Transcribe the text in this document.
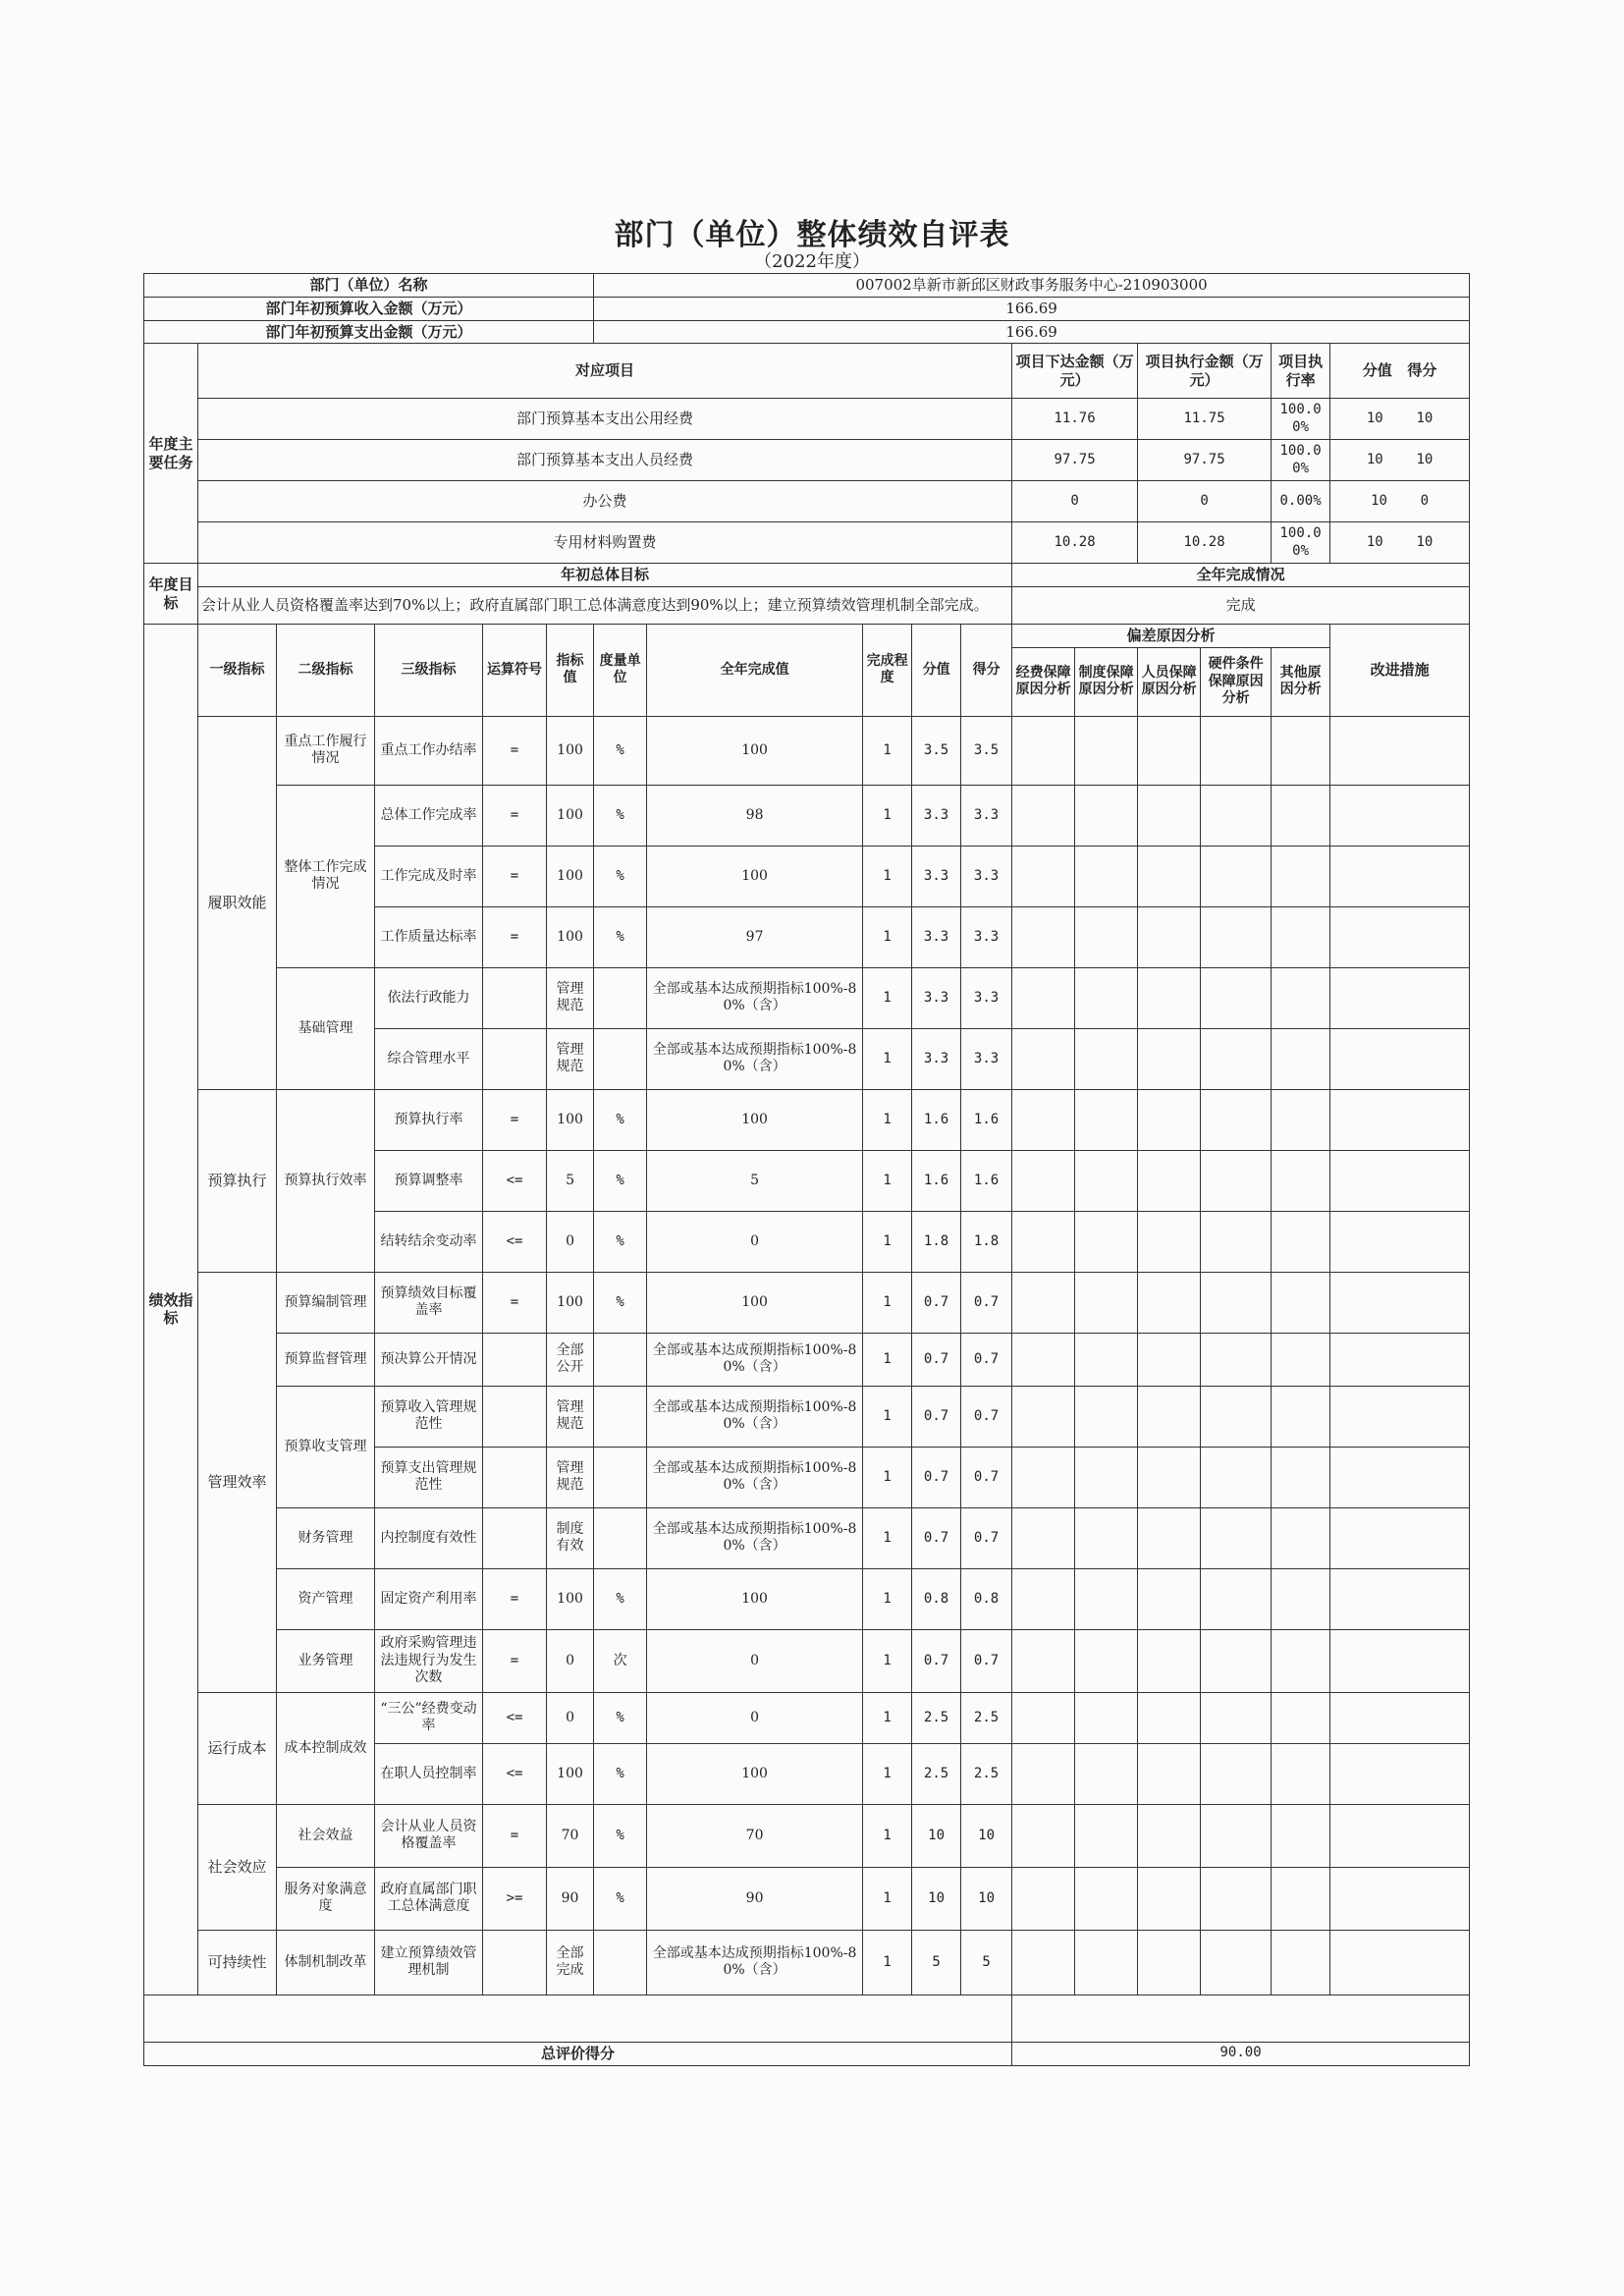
部门（单位）整体绩效自评表
（2022年度）
部门（单位）名称						007002阜新市新邱区财政事务服务中心-210903000										
部门年初预算收入金额（万元）						166.69										
部门年初预算支出金额（万元）						166.69										
年度主要任务	对应项目										项目下达金额（万元）		项目执行金额（万元）		项目执行率	分值 得分
	部门预算基本支出公用经费										11.76		11.75		100.00%	10 10
	部门预算基本支出人员经费										97.75		97.75		100.00%	10 10
	办公费										0		0		0.00%	10 0
	专用材料购置费										10.28		10.28		100.00%	10 10
年度目标	年初总体目标										全年完成情况					
	会计从业人员资格覆盖率达到70%以上；政府直属部门职工总体满意度达到90%以上；建立预算绩效管理机制全部完成。										完成					
绩效指标	一级指标	二级指标	三级指标	运算符号	指标值	度量单位	全年完成值	完成程度	分值	得分	偏差原因分析					改进措施
											经费保障原因分析	制度保障原因分析	人员保障原因分析	硬件条件保障原因分析	其他原因分析	
	履职效能	重点工作履行情况	重点工作办结率	=	100	%	100	1	3.5	3.5						
		整体工作完成情况	总体工作完成率	=	100	%	98	1	3.3	3.3						
			工作完成及时率	=	100	%	100	1	3.3	3.3						
			工作质量达标率	=	100	%	97	1	3.3	3.3						
		基础管理	依法行政能力		管理规范		全部或基本达成预期指标100%-80%（含）	1	3.3	3.3						
			综合管理水平		管理规范		全部或基本达成预期指标100%-80%（含）	1	3.3	3.3						
	预算执行	预算执行效率	预算执行率	=	100	%	100	1	1.6	1.6						
			预算调整率	<=	5	%	5	1	1.6	1.6						
			结转结余变动率	<=	0	%	0	1	1.8	1.8						
	管理效率	预算编制管理	预算绩效目标覆盖率	=	100	%	100	1	0.7	0.7						
		预算监督管理	预决算公开情况		全部公开		全部或基本达成预期指标100%-80%（含）	1	0.7	0.7						
		预算收支管理	预算收入管理规范性		管理规范		全部或基本达成预期指标100%-80%（含）	1	0.7	0.7						
			预算支出管理规范性		管理规范		全部或基本达成预期指标100%-80%（含）	1	0.7	0.7						
		财务管理	内控制度有效性		制度有效		全部或基本达成预期指标100%-80%（含）	1	0.7	0.7						
		资产管理	固定资产利用率	=	100	%	100	1	0.8	0.8						
		业务管理	政府采购管理违法违规行为发生次数	=	0	次	0	1	0.7	0.7						
	运行成本	成本控制成效	“三公”经费变动率	<=	0	%	0	1	2.5	2.5						
			在职人员控制率	<=	100	%	100	1	2.5	2.5						
	社会效应	社会效益	会计从业人员资格覆盖率	=	70	%	70	1	10	10						
		服务对象满意度	政府直属部门职工总体满意度	>=	90	%	90	1	10	10						
	可持续性	体制机制改革	建立预算绩效管理机制		全部完成		全部或基本达成预期指标100%-80%（含）	1	5	5						

总评价得分											90.00					
